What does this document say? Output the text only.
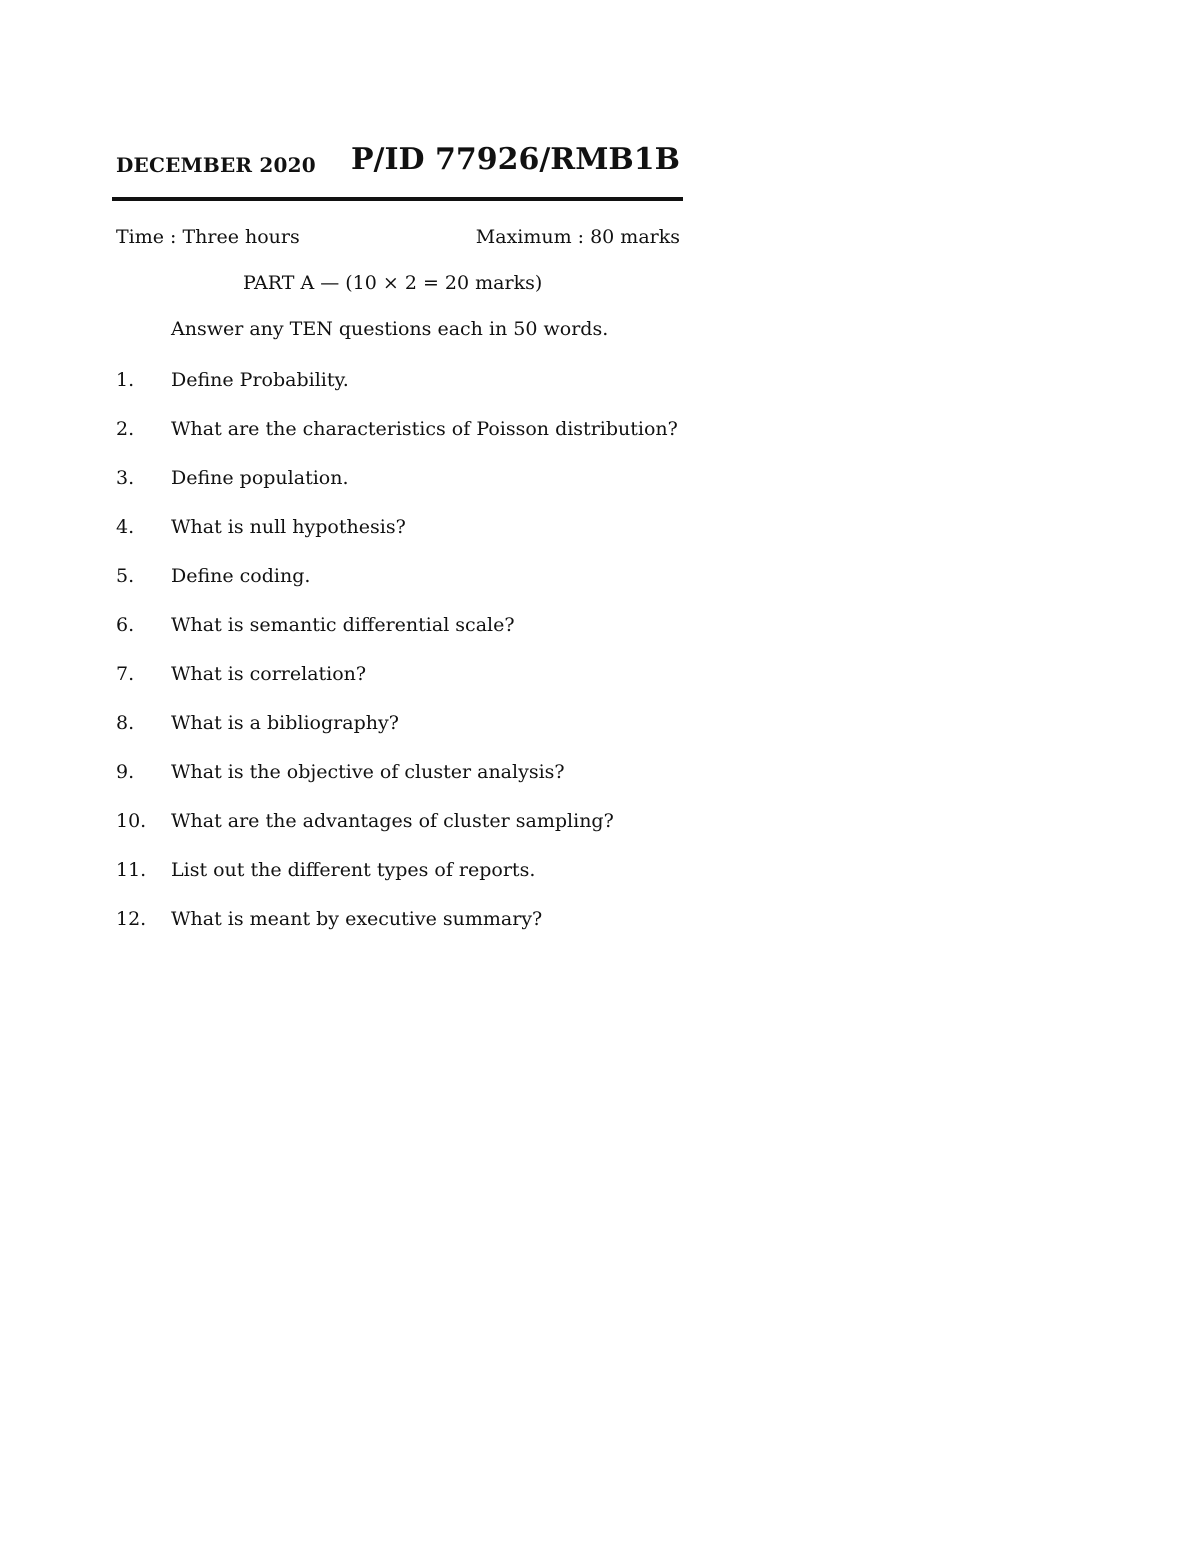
DECEMBER 2020 P/ID 77926/RMB1B
Time : Three hours	Maximum : 80 marks
PART A — (10 × 2 = 20 marks)
Answer any TEN questions each in 50 words.
1. Define Probability.
2. What are the characteristics of Poisson distribution?
3. Define population.
4. What is null hypothesis?
5. Define coding.
6. What is semantic differential scale?
7. What is correlation?
8. What is a bibliography?
9. What is the objective of cluster analysis?
10. What are the advantages of cluster sampling?
11. List out the different types of reports.
12. What is meant by executive summary?
